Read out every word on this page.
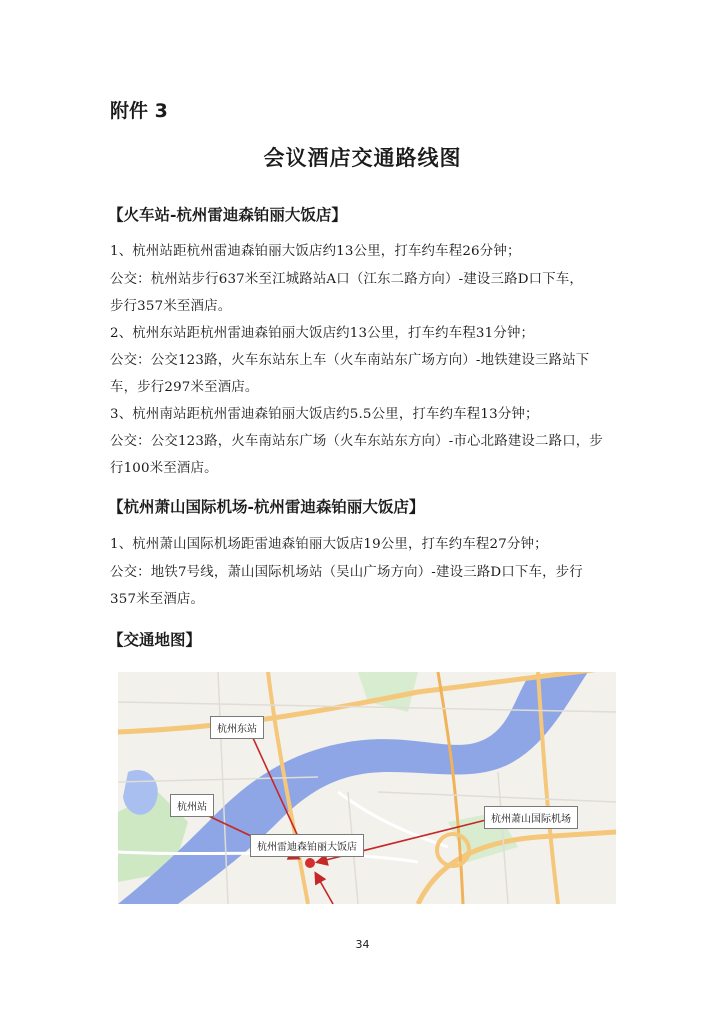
附件 3
会议酒店交通路线图
【火车站-杭州雷迪森铂丽大饭店】
1、杭州站距杭州雷迪森铂丽大饭店约13公里，打车约车程26分钟；
公交：杭州站步行637米至江城路站A口（江东二路方向）-建设三路D口下车，
步行357米至酒店。
2、杭州东站距杭州雷迪森铂丽大饭店约13公里，打车约车程31分钟；
公交：公交123路，火车东站东上车（火车南站东广场方向）-地铁建设三路站下
车，步行297米至酒店。
3、杭州南站距杭州雷迪森铂丽大饭店约5.5公里，打车约车程13分钟；
公交：公交123路，火车南站东广场（火车东站东方向）-市心北路建设二路口，步
行100米至酒店。
【杭州萧山国际机场-杭州雷迪森铂丽大饭店】
1、杭州萧山国际机场距雷迪森铂丽大饭店19公里，打车约车程27分钟；
公交：地铁7号线，萧山国际机场站（吴山广场方向）-建设三路D口下车，步行
357米至酒店。
【交通地图】
杭州东站
杭州站
杭州萧山国际机场
杭州雷迪森铂丽大饭店
34
